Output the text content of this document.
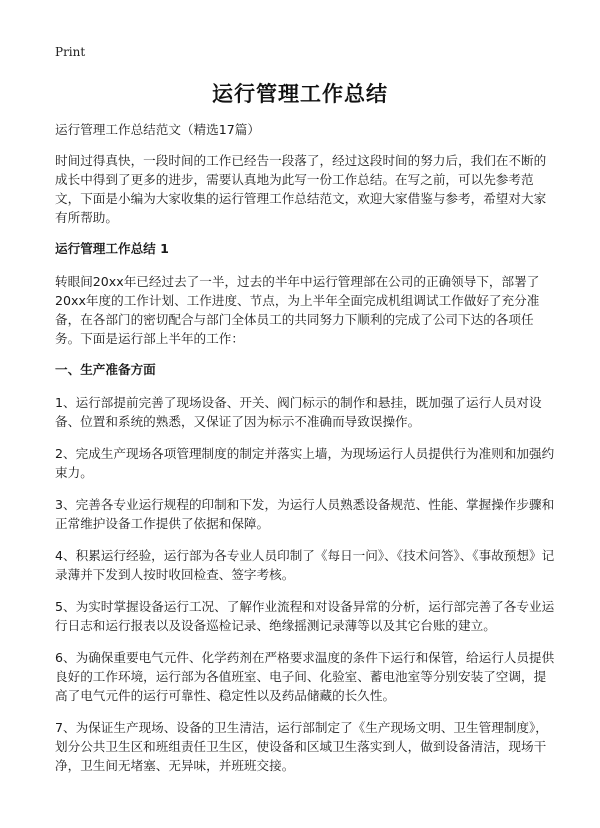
Print
运行管理工作总结

运行管理工作总结范文（精选17篇）

时间过得真快，一段时间的工作已经告一段落了，经过这段时间的努力后，我们在不断的成长中得到了更多的进步，需要认真地为此写一份工作总结。在写之前，可以先参考范文，下面是小编为大家收集的运行管理工作总结范文，欢迎大家借鉴与参考，希望对大家有所帮助。

运行管理工作总结 1

转眼间20xx年已经过去了一半，过去的半年中运行管理部在公司的正确领导下，部署了20xx年度的工作计划、工作进度、节点，为上半年全面完成机组调试工作做好了充分准备，在各部门的密切配合与部门全体员工的共同努力下顺利的完成了公司下达的各项任务。下面是运行部上半年的工作：

一、生产准备方面

1、运行部提前完善了现场设备、开关、阀门标示的制作和悬挂，既加强了运行人员对设备、位置和系统的熟悉，又保证了因为标示不准确而导致误操作。

2、完成生产现场各项管理制度的制定并落实上墙，为现场运行人员提供行为准则和加强约束力。

3、完善各专业运行规程的印制和下发，为运行人员熟悉设备规范、性能、掌握操作步骤和正常维护设备工作提供了依据和保障。

4、积累运行经验，运行部为各专业人员印制了《每日一问》、《技术问答》、《事故预想》记录薄并下发到人按时收回检查、签字考核。

5、为实时掌握设备运行工况、了解作业流程和对设备异常的分析，运行部完善了各专业运行日志和运行报表以及设备巡检记录、绝缘摇测记录薄等以及其它台账的建立。

6、为确保重要电气元件、化学药剂在严格要求温度的条件下运行和保管，给运行人员提供良好的工作环境，运行部为各值班室、电子间、化验室、蓄电池室等分别安装了空调，提高了电气元件的运行可靠性、稳定性以及药品储藏的长久性。

7、为保证生产现场、设备的卫生清洁，运行部制定了《生产现场文明、卫生管理制度》，划分公共卫生区和班组责任卫生区，使设备和区域卫生落实到人，做到设备清洁，现场干净，卫生间无堵塞、无异味，并班班交接。
